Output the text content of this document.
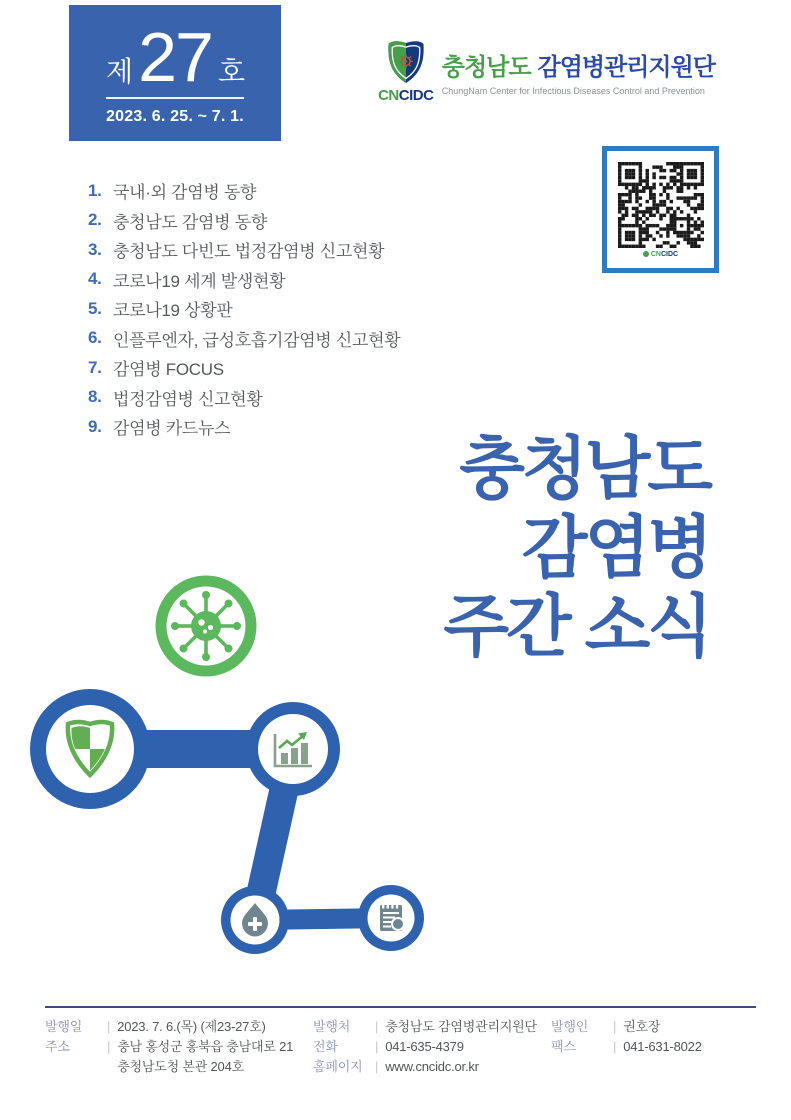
제 27 호
2023. 6. 25. ~ 7. 1.
CNCIDC
충청남도 감염병관리지원단
ChungNam Center for Infectious Diseases Control and Prevention
CNCIDC
1. 국내·외 감염병 동향
2. 충청남도 감염병 동향
3. 충청남도 다빈도 법정감염병 신고현황
4. 코로나19 세계 발생현황
5. 코로나19 상황판
6. 인플루엔자, 급성호흡기감염병 신고현황
7. 감염병 FOCUS
8. 법정감염병 신고현황
9. 감염병 카드뉴스
충청남도
감염병
주간 소식
발행일	| 2023. 7. 6.(목) (제23-27호)
주소	| 충남 홍성군 홍북읍 충남대로 21
충청남도청 본관 204호
발행처	| 충청남도 감염병관리지원단
전화	| 041-635-4379
홈페이지 | www.cncidc.or.kr
발행인	| 권호장
팩스	| 041-631-8022
